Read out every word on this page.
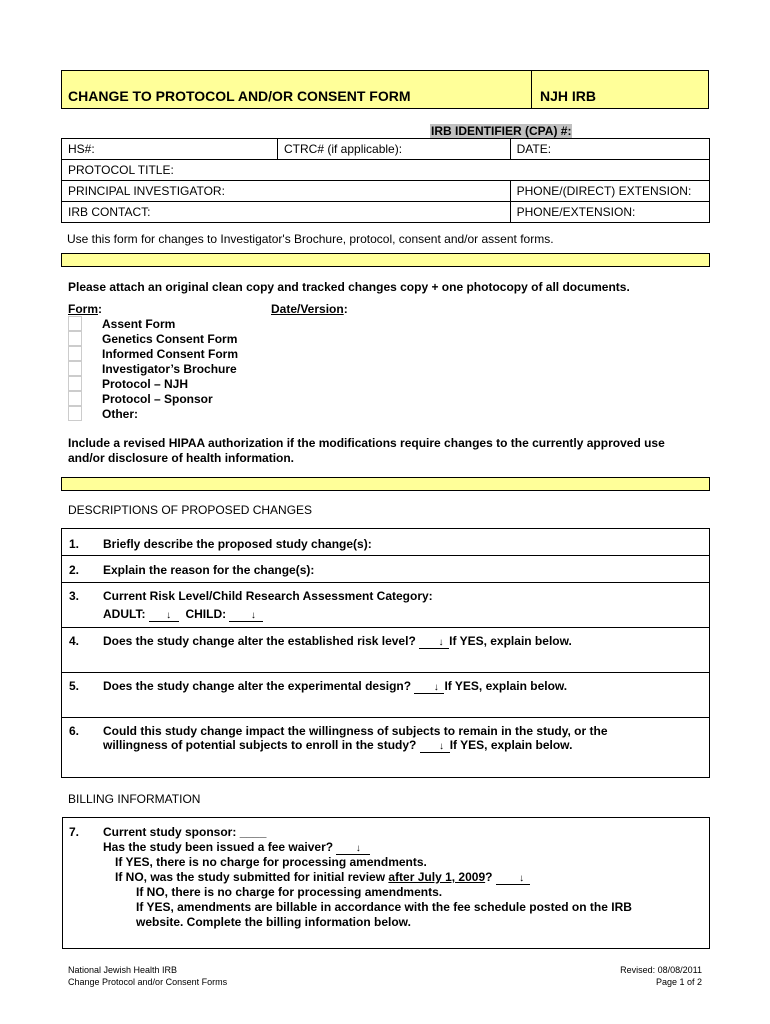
CHANGE TO PROTOCOL AND/OR CONSENT FORM	NJH IRB
IRB IDENTIFIER (CPA) #:
HS#:	CTRC# (if applicable):	DATE:
PROTOCOL TITLE:		
PRINCIPAL INVESTIGATOR:		PHONE/(DIRECT) EXTENSION:
IRB CONTACT:		PHONE/EXTENSION:
Use this form for changes to Investigator's Brochure, protocol, consent and/or assent forms.
Please attach an original clean copy and tracked changes copy + one photocopy of all documents.
Form:	Date/Version:
Assent Form
Genetics Consent Form
Informed Consent Form
Investigator’s Brochure
Protocol – NJH
Protocol – Sponsor
Other:
Include a revised HIPAA authorization if the modifications require changes to the currently approved use
and/or disclosure of health information.
DESCRIPTIONS OF PROPOSED CHANGES
1.	Briefly describe the proposed study change(s):

2.	Explain the reason for the change(s):

3.	Current Risk Level/Child Research Assessment Category:
ADULT: ↓ CHILD: ↓

4.	Does the study change alter the established risk level? ↓ If YES, explain below.

5.	Does the study change alter the experimental design? ↓ If YES, explain below.

6.	Could this study change impact the willingness of subjects to remain in the study, or the
willingness of potential subjects to enroll in the study? ↓ If YES, explain below.
BILLING INFORMATION
7. Current study sponsor: ____
Has the study been issued a fee waiver? ↓
If YES, there is no charge for processing amendments.
If NO, was the study submitted for initial review after July 1, 2009?	↓
If NO, there is no charge for processing amendments.
If YES, amendments are billable in accordance with the fee schedule posted on the IRB
website. Complete the billing information below.
National Jewish Health IRB
Change Protocol and/or Consent Forms
Revised: 08/08/2011
Page 1 of 2
